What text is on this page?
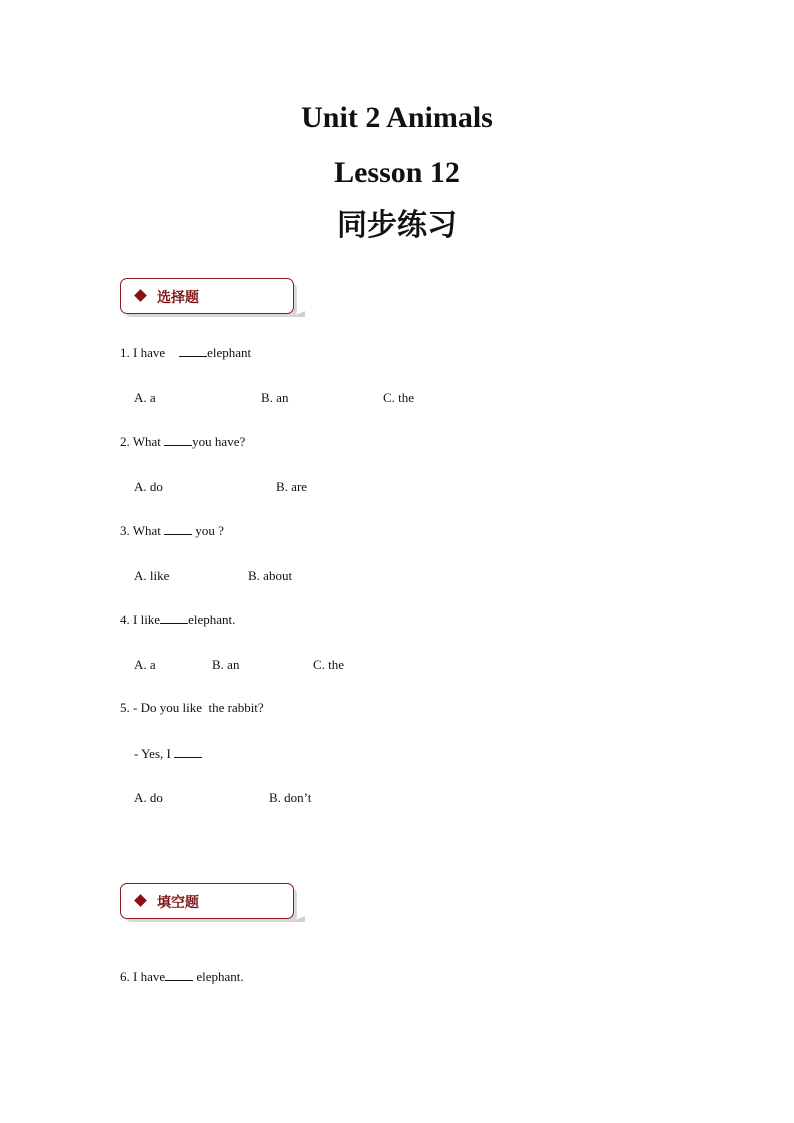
Unit 2 Animals
Lesson 12
同步练习
选择题
1. I have	elephant
A. a	B. an	C. the
2. What you have?
A. do	B. are
3. What  you ?
A. like	B. about
4. I like elephant.
A. a	B. an	C. the
5. - Do you like  the rabbit?
- Yes, I
A. do	B. don’t
填空题
6. I have elephant.
